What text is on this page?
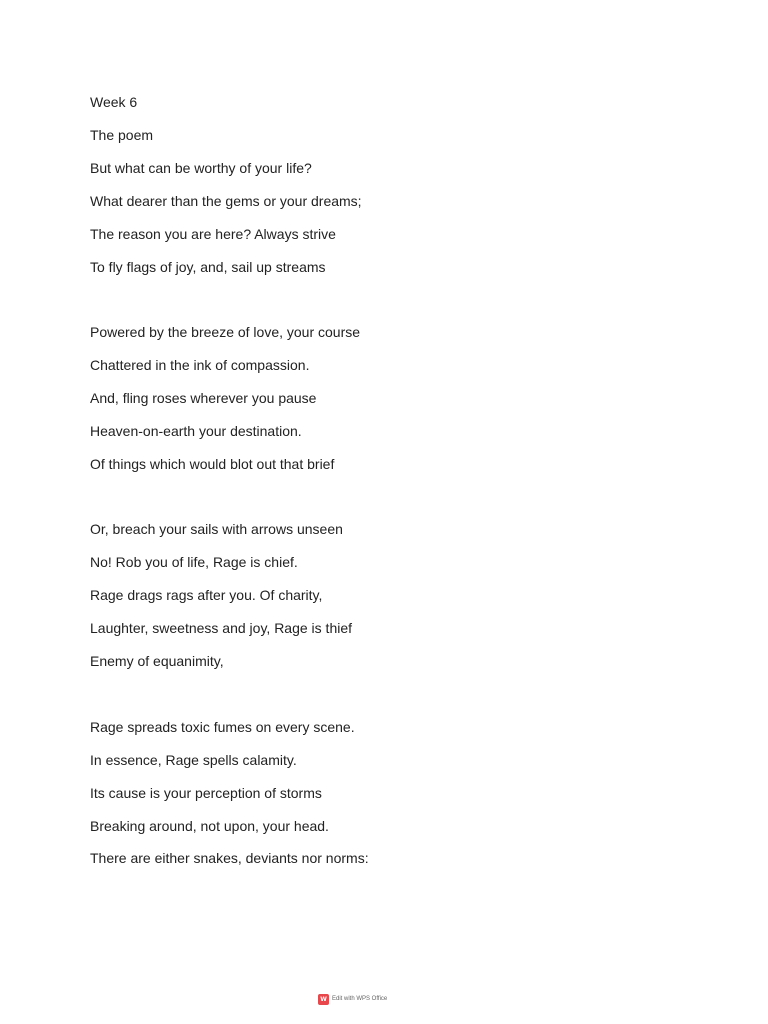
Week 6
The poem
But what can be worthy of your life?
What dearer than the gems or your dreams;
The reason you are here? Always strive
To fly flags of joy, and, sail up streams
Powered by the breeze of love, your course
Chattered in the ink of compassion.
And, fling roses wherever you pause
Heaven-on-earth your destination.
Of things which would blot out that brief
Or, breach your sails with arrows unseen
No! Rob you of life, Rage is chief.
Rage drags rags after you. Of charity,
Laughter, sweetness and joy, Rage is thief
Enemy of equanimity,
Rage spreads toxic fumes on every scene.
In essence, Rage spells calamity.
Its cause is your perception of storms
Breaking around, not upon, your head.
There are either snakes, deviants nor norms:
W Edit with WPS Office
